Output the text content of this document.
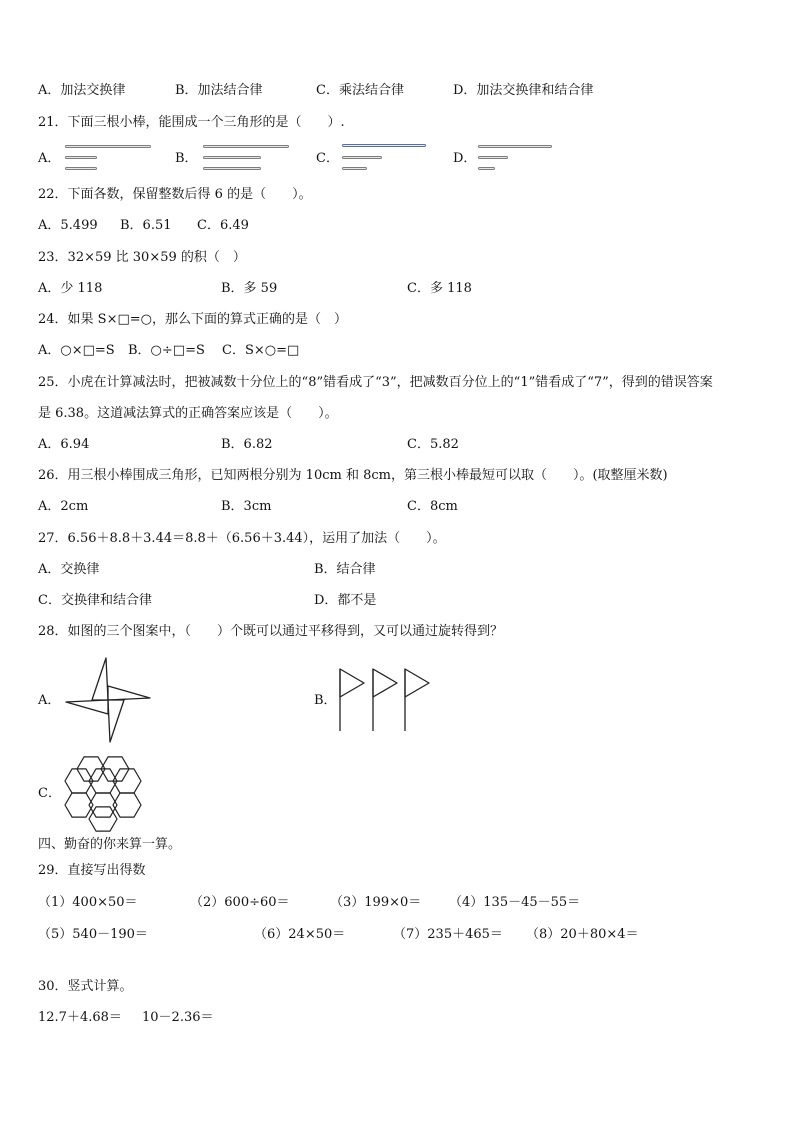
A．加法交换律	B．加法结合律	C．乘法结合律	D．加法交换律和结合律
21．下面三根小棒，能围成一个三角形的是（　　）.
A．	B．	C．	D．
22．下面各数，保留整数后得 6 的是（　　）。
A．5.499 B．6.51 C．6.49
23．32×59 比 30×59 的积（　）
A．少 118	B．多 59	C．多 118
24．如果 S×□=○，那么下面的算式正确的是（　）
A．○×□=S B．○÷□=S C．S×○=□
25．小虎在计算减法时，把被减数十分位上的“8”错看成了“3”，把减数百分位上的“1”错看成了“7”，得到的错误答案
是 6.38。这道减法算式的正确答案应该是（　　）。
A．6.94	B．6.82	C．5.82
26．用三根小棒围成三角形，已知两根分别为 10cm 和 8cm，第三根小棒最短可以取（　　）。(取整厘米数)
A．2cm	B．3cm	C．8cm
27．6.56＋8.8＋3.44＝8.8＋（6.56＋3.44），运用了加法（　　）。
A．交换律	B．结合律
C．交换律和结合律	D．都不是
28．如图的三个图案中，（　　）个既可以通过平移得到，又可以通过旋转得到？
A．	B．
C．
四、勤奋的你来算一算。
29．直接写出得数
（1）400×50＝	（2）600÷60＝	（3）199×0＝ （4）135－45－55＝
（5）540－190＝	（6）24×50＝	（7）235＋465＝ （8）20＋80×4＝
30．竖式计算。
12.7＋4.68＝ 10－2.36＝
